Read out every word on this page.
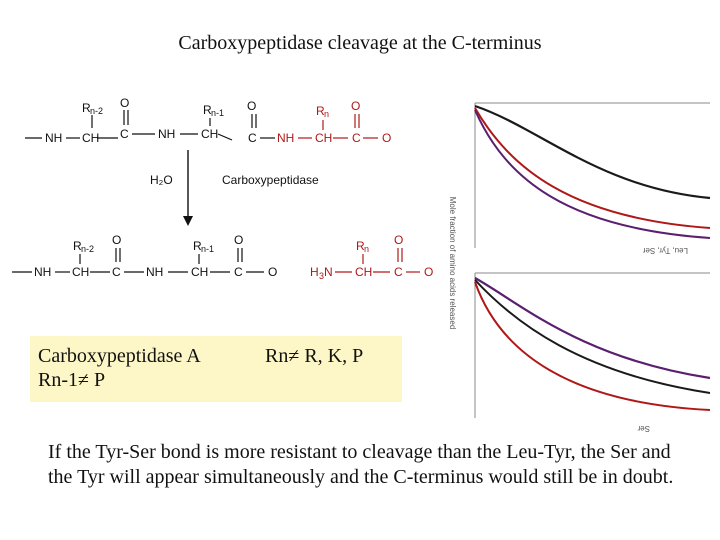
Carboxypeptidase cleavage at the C-terminus
NH CH
R n-2
C
O
NH CH
R n-1
C
O
NH CH
R n
C
O
O
H₂O	Carboxypeptidase
NH CH
R n-2
C
O
NH CH
R n-1
C
O
O	H 3 N CH
R n
C
O
O
Leu, Tyr, Ser
Ser
Mole fraction of amino acids released
Carboxypeptidase A
Rn-1≠ P
Rn≠ R, K, P
If the Tyr-Ser bond is more resistant to cleavage than the Leu-Tyr, the Ser and the Tyr will appear simultaneously and the C-terminus would still be in doubt.
